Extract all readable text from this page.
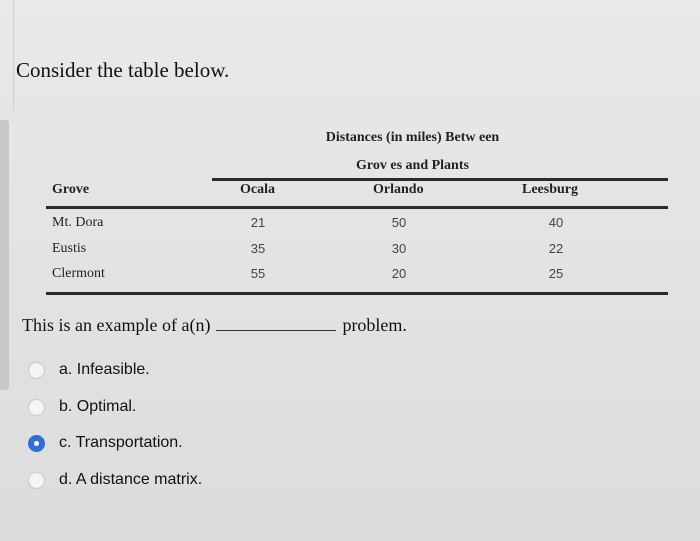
Consider the table below.
Distances (in miles) Betw een
Grov es and Plants
Grove	Ocala	Orlando	Leesburg
Mt. Dora	21	50	40
Eustis	35	30	22
Clermont	55	20	25
This is an example of a(n)	problem.
a. Infeasible.
b. Optimal.
c. Transportation.
d. A distance matrix.
